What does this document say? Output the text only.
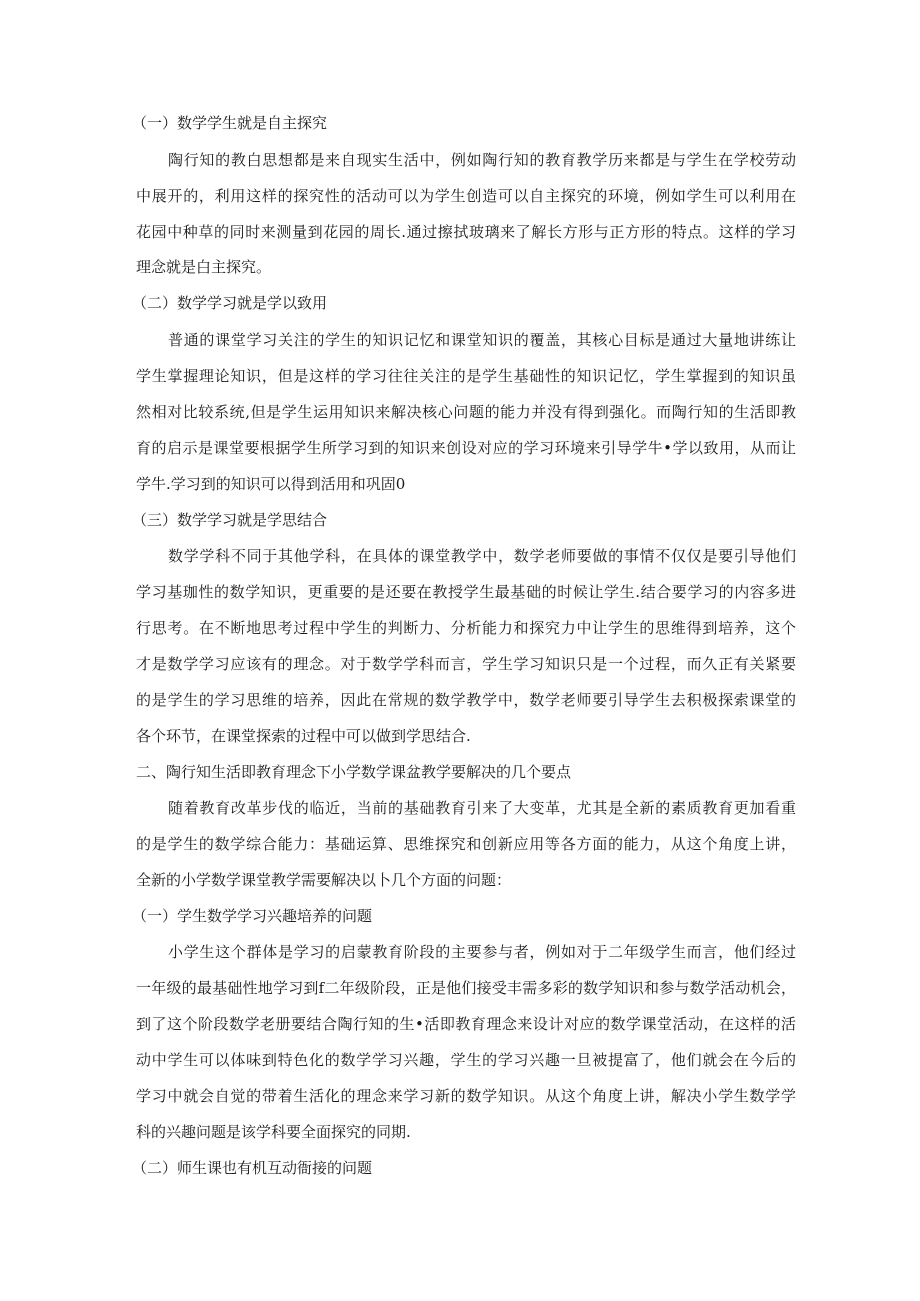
（一）数学学生就是自主探究

陶行知的教白思想都是来自现实生活中，例如陶行知的教育教学历来都是与学生在学校劳动

中展开的，利用这样的探究性的活动可以为学生创造可以自主探究的环境，例如学生可以利用在

花园中种草的同时来测量到花园的周长.通过擦拭玻璃来了解长方形与正方形的特点。这样的学习

理念就是白主探究。

（二）数学学习就是学以致用

普通的课堂学习关注的学生的知识记忆和课堂知识的覆盖，其核心目标是通过大量地讲练让

学生掌握理论知识，但是这样的学习往往关注的是学生基础性的知识记忆，学生掌握到的知识虽

然相对比较系统,但是学生运用知识来解决核心问题的能力并没有得到强化。而陶行知的生活即教

育的启示是课堂要根据学生所学习到的知识来创设对应的学习环境来引导学牛•学以致用，从而让

学牛.学习到的知识可以得到活用和巩固0

（三）数学学习就是学思结合

数学学科不同于其他学科，在具体的课堂教学中，数学老师要做的事情不仅仅是要引导他们

学习基珈性的数学知识，更重要的是还要在教授学生最基础的时候让学生.结合要学习的内容多进

行思考。在不断地思考过程中学生的判断力、分析能力和探究力中让学生的思维得到培养，这个

才是数学学习应该有的理念。对于数学学科而言，学生学习知识只是一个过程，而久正有关紧要

的是学生的学习思维的培养，因此在常规的数学教学中，数学老师要引导学生去积极探索课堂的

各个环节，在课堂探索的过程中可以做到学思结合.

二、陶行知生活即教育理念下小学数学课盆教学要解决的几个要点

随着教育改革步伐的临近，当前的基础教育引来了大变革，尤其是全新的素质教育更加看重

的是学生的数学综合能力：基础运算、思维探究和创新应用等各方面的能力，从这个角度上讲，

全新的小学数学课堂教学需要解决以卜几个方面的问题：

（一）学生数学学习兴趣培养的问题

小学生这个群体是学习的启蒙教育阶段的主要参与者，例如对于二年级学生而言，他们经过

一年级的最基础性地学习到f二年级阶段，正是他们接受丰需多彩的数学知识和参与数学活动机会，

到了这个阶段数学老册要结合陶行知的生•活即教育理念来设计对应的数学课堂活动，在这样的活

动中学生可以体味到特色化的数学学习兴趣，学生的学习兴趣一旦被提富了，他们就会在今后的

学习中就会自觉的带着生活化的理念来学习新的数学知识。从这个角度上讲，解决小学生数学学

科的兴趣问题是该学科要全面探究的同期.

（二）师生课也有机互动衙接的问题
